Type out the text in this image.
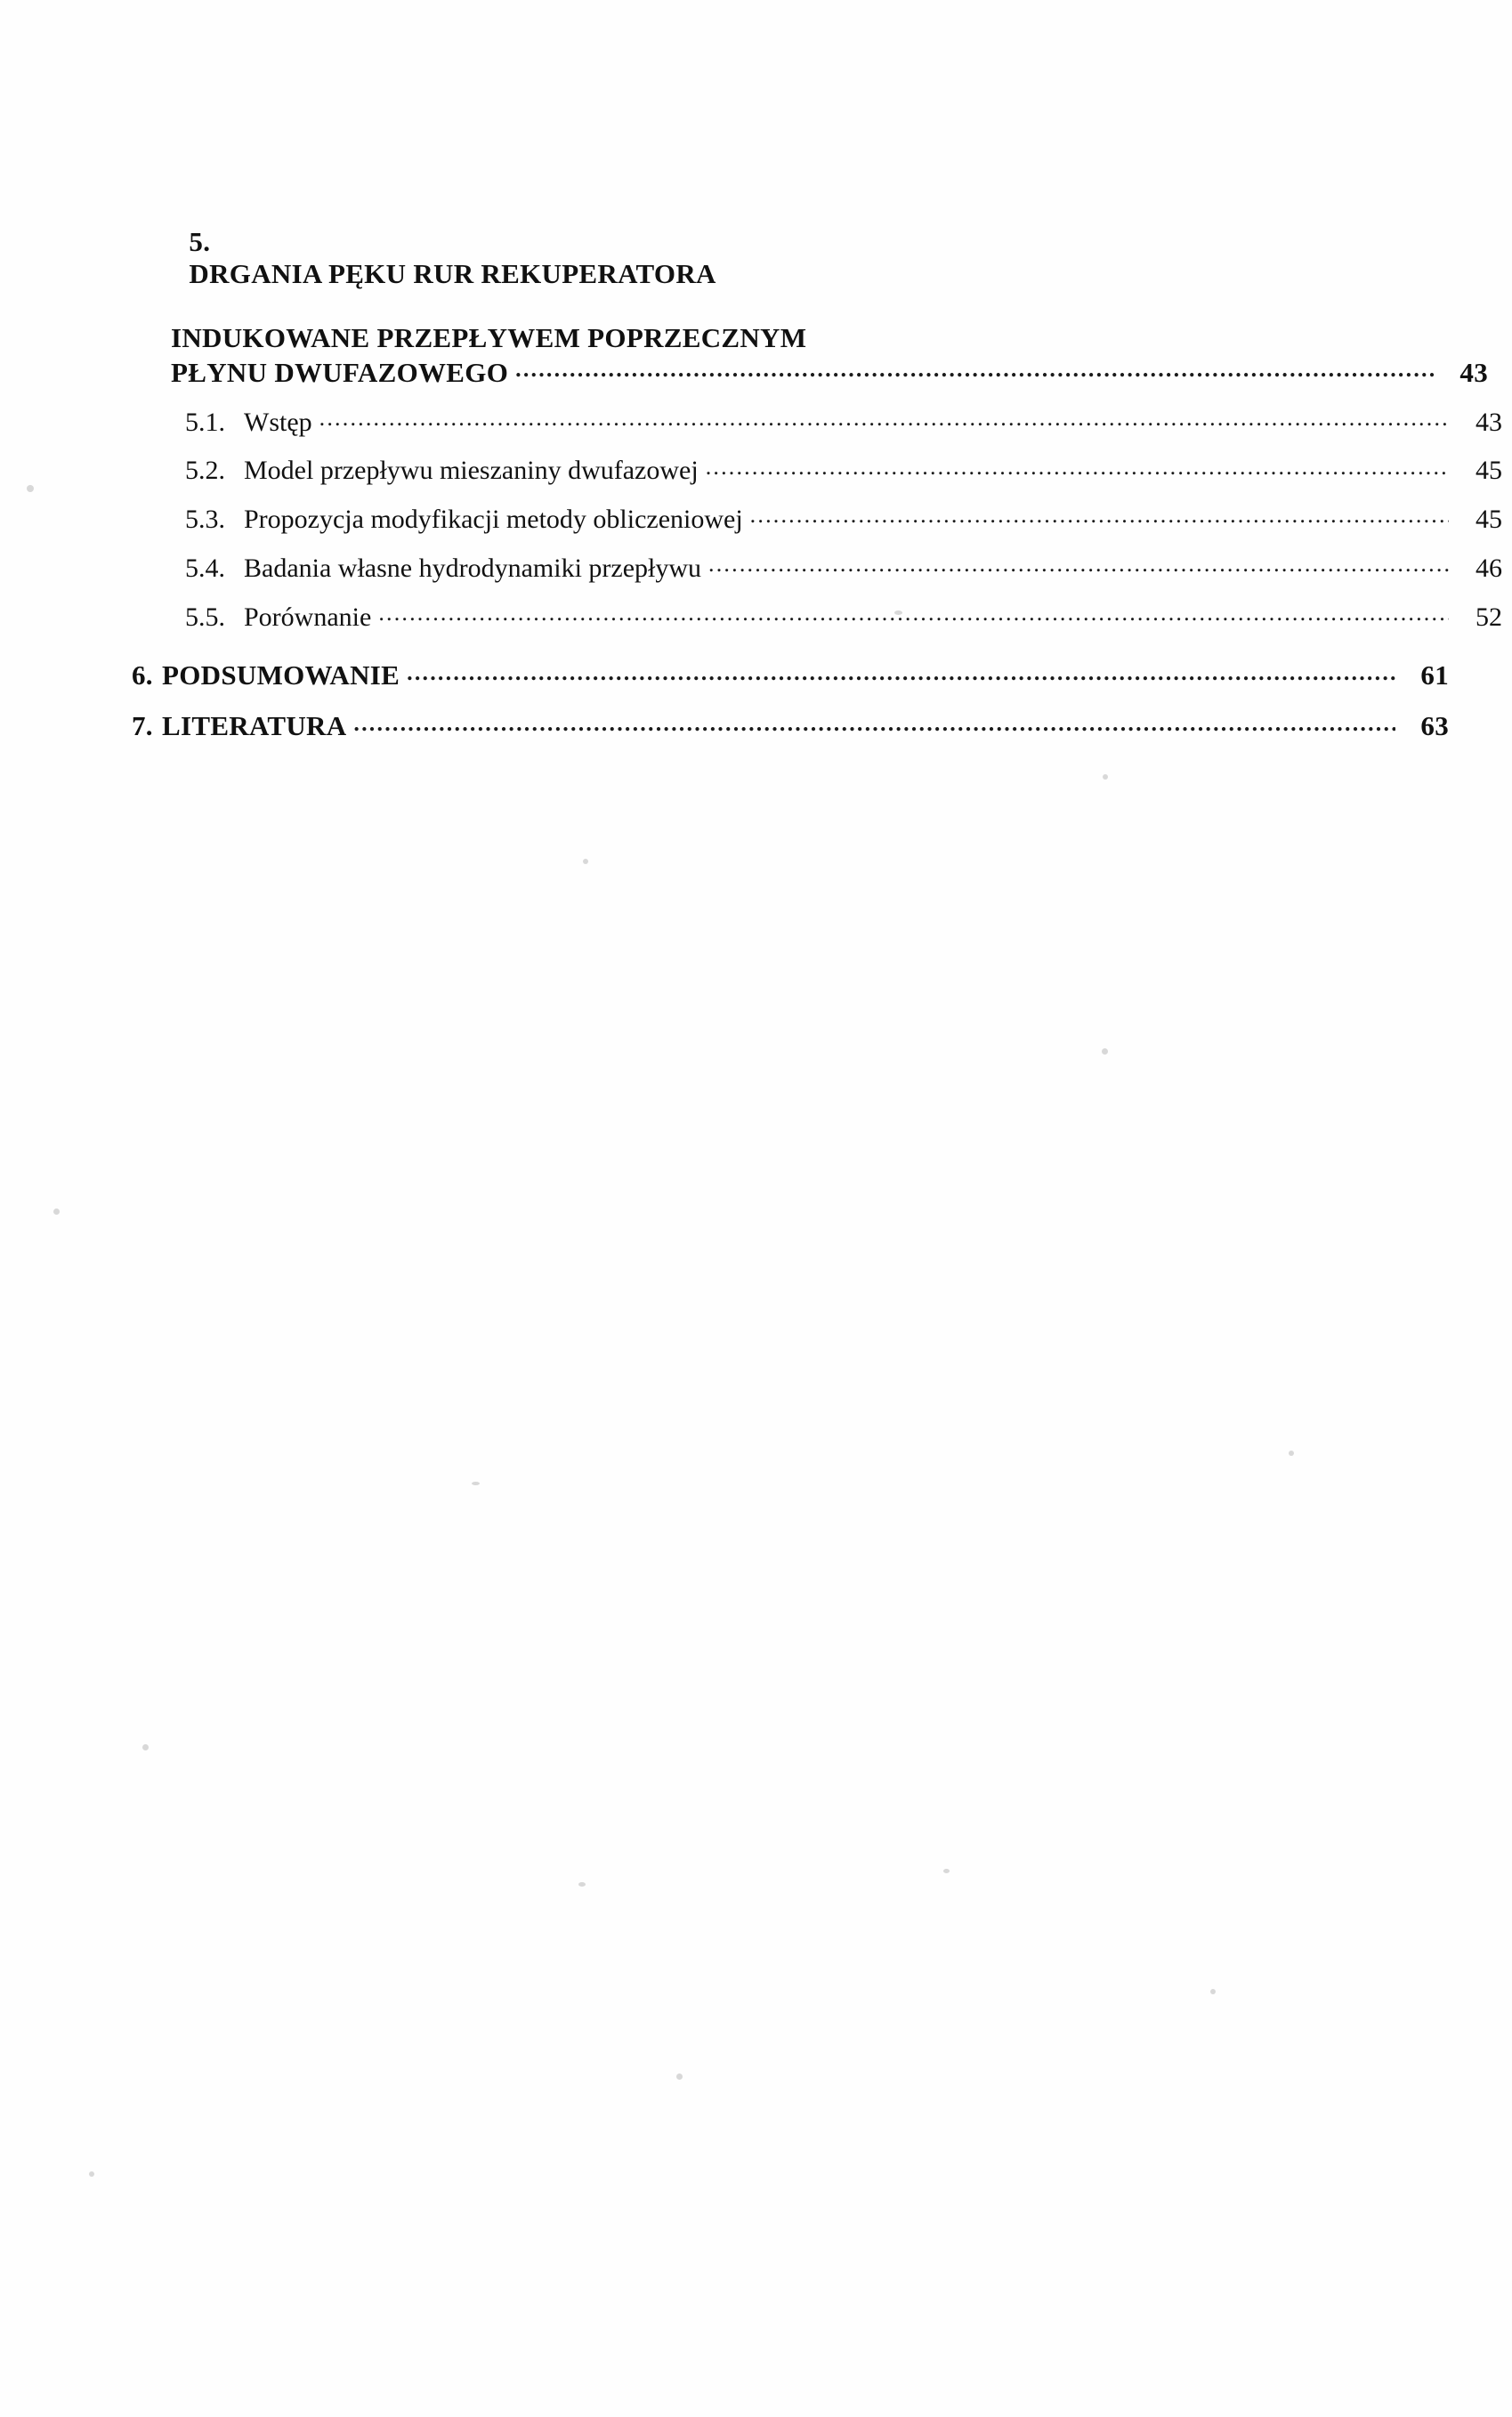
5.
DRGANIA PĘKU RUR REKUPERATORA

INDUKOWANE PRZEPŁYWEM POPRZECZNYM
PŁYNU DWUFAZOWEGO .....	43
5.1. Wstęp .....	43
5.2. Model przepływu mieszaniny dwufazowej .....	45
5.3. Propozycja modyfikacji metody obliczeniowej .....	45
5.4. Badania własne hydrodynamiki przepływu .....	46
5.5. Porównanie .....	52
6. PODSUMOWANIE .....	61
7. LITERATURA .....	63
